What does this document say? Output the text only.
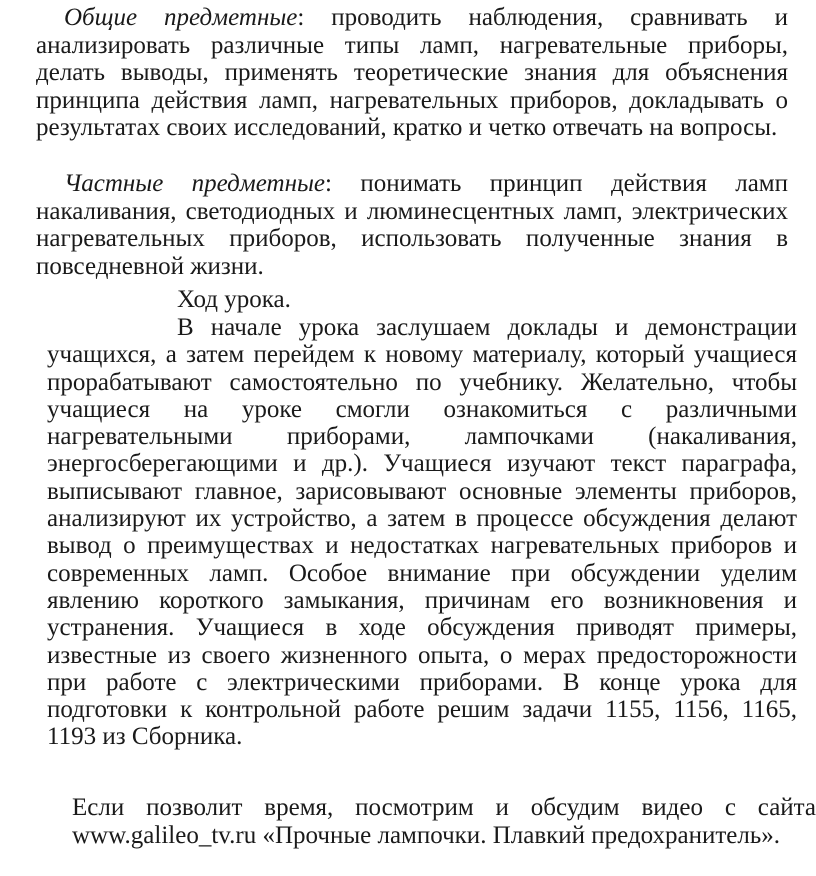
Общие предметные: проводить наблюдения, сравнивать и анализировать различные типы ламп, нагревательные приборы, делать выводы, применять теоретические знания для объяснения принципа действия ламп, нагревательных приборов, докладывать о результатах своих исследований, кратко и четко отвечать на вопросы.

Частные предметные: понимать принцип действия ламп накаливания, светодиодных и люминесцентных ламп, электрических нагревательных приборов, использовать полученные знания в повседневной жизни.

Ход урока.

В начале урока заслушаем доклады и демонстрации учащихся, а затем перейдем к новому материалу, который учащиеся прорабатывают самостоятельно по учебнику. Желательно, чтобы учащиеся на уроке смогли ознакомиться с различными нагревательными приборами, лампочками (накаливания, энергосберегающими и др.). Учащиеся изучают текст параграфа, выписывают главное, зарисовывают основные элементы приборов, анализируют их устройство, а затем в процессе обсуждения делают вывод о преимуществах и недостатках нагревательных приборов и современных ламп. Особое внимание при обсуждении уделим явлению короткого замыкания, причинам его возникновения и устранения. Учащиеся в ходе обсуждения приводят примеры, известные из своего жизненного опыта, о мерах предосторожности при работе с электрическими приборами. В конце урока для подготовки к контрольной работе решим задачи 1155, 1156, 1165, 1193 из Сборника.

Если позволит время, посмотрим и обсудим видео с сайта www.galileo_tv.ru «Прочные лампочки. Плавкий предохранитель».
